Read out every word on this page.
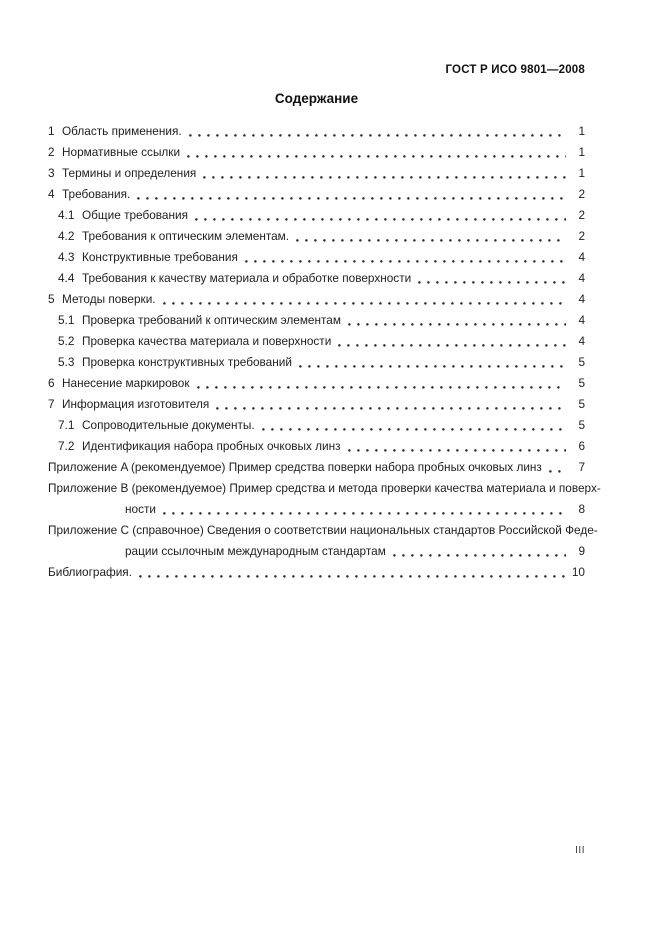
ГОСТ Р ИСО 9801—2008
Содержание
1 Область применения.	1
2 Нормативные ссылки	1
3 Термины и определения	1
4 Требования.	2
4.1 Общие требования	2
4.2 Требования к оптическим элементам.	2
4.3 Конструктивные требования	4
4.4 Требования к качеству материала и обработке поверхности	4
5 Методы поверки.	4
5.1 Проверка требований к оптическим элементам	4
5.2 Проверка качества материала и поверхности	4
5.3 Проверка конструктивных требований	5
6 Нанесение маркировок	5
7 Информация изготовителя	5
7.1 Сопроводительные документы.	5
7.2 Идентификация набора пробных очковых линз	6
Приложение A (рекомендуемое) Пример средства поверки набора пробных очковых линз	7
Приложение B (рекомендуемое) Пример средства и метода проверки качества материала и поверх-
ности	8
Приложение C (справочное) Сведения о соответствии национальных стандартов Российской Феде-
рации ссылочным международным стандартам	9
Библиография.	10
III
